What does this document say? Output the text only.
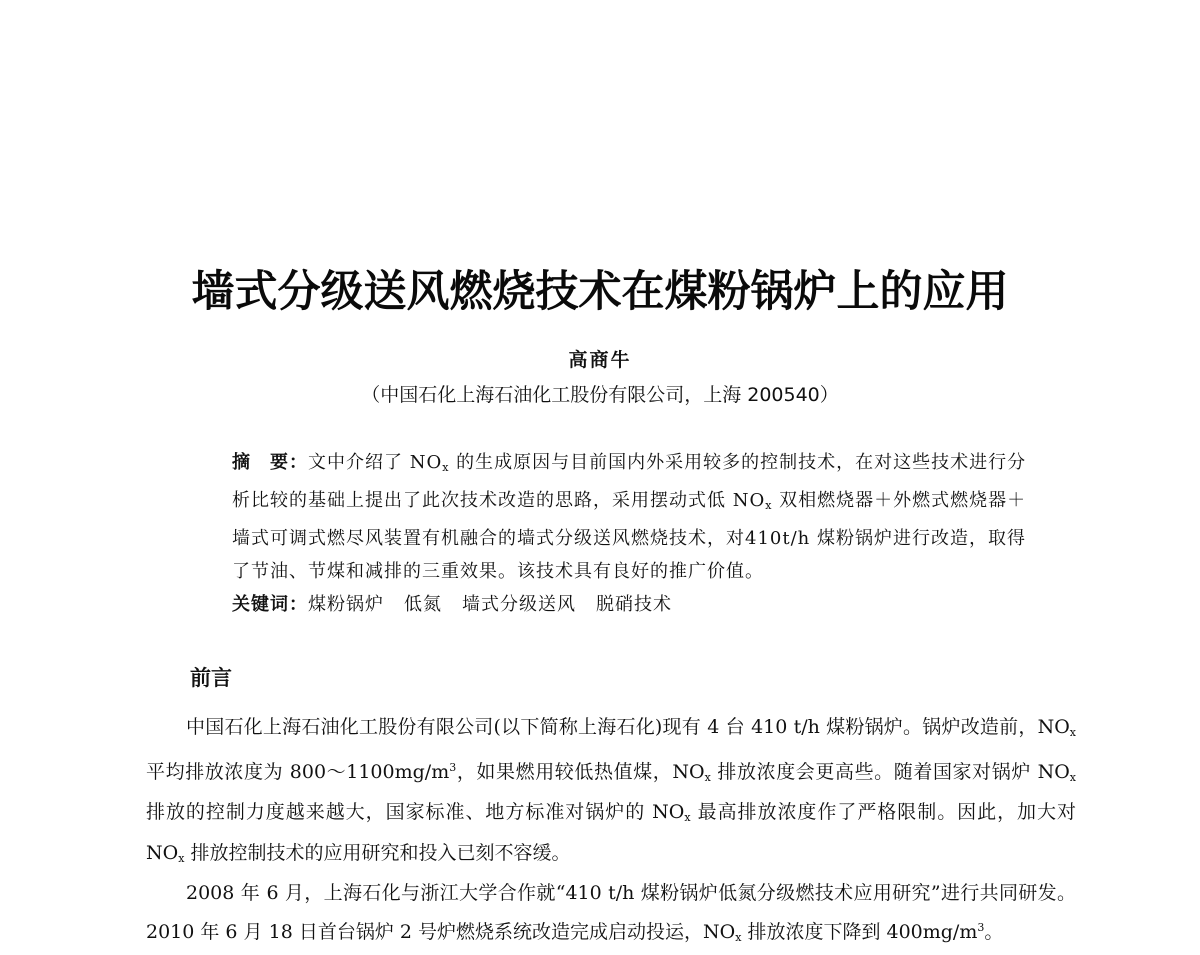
墙式分级送风燃烧技术在煤粉锅炉上的应用
高商牛
（中国石化上海石油化工股份有限公司，上海 200540）
摘　要：文中介绍了 $NO_x$ 的生成原因与目前国内外采用较多的控制技术，在对这些技术进行分析比较的基础上提出了此次技术改造的思路，采用摆动式低 $NO_x$ 双相燃烧器＋外燃式燃烧器＋墙式可调式燃尽风装置有机融合的墙式分级送风燃烧技术，对410t/h 煤粉锅炉进行改造，取得了节油、节煤和减排的三重效果。该技术具有良好的推广价值。
关键词：煤粉锅炉 低氮 墙式分级送风 脱硝技术
前言

中国石化上海石油化工股份有限公司(以下简称上海石化)现有 4 台 410 t/h 煤粉锅炉。锅炉改造前，$NO_x$ 平均排放浓度为 $800\sim 1100mg/m^3$，如果燃用较低热值煤，$NO_x$ 排放浓度会更高些。随着国家对锅炉 $NO_x$ 排放的控制力度越来越大，国家标准、地方标准对锅炉的 $NO_x$ 最高排放浓度作了严格限制。因此，加大对 $NO_x$ 排放控制技术的应用研究和投入已刻不容缓。

2008 年 6 月，上海石化与浙江大学合作就“410 t/h 煤粉锅炉低氮分级燃技术应用研究”进行共同研发。2010 年 6 月 18 日首台锅炉 2 号炉燃烧系统改造完成启动投运，$NO_x$ 排放浓度下降到 $400mg/m^3$。
